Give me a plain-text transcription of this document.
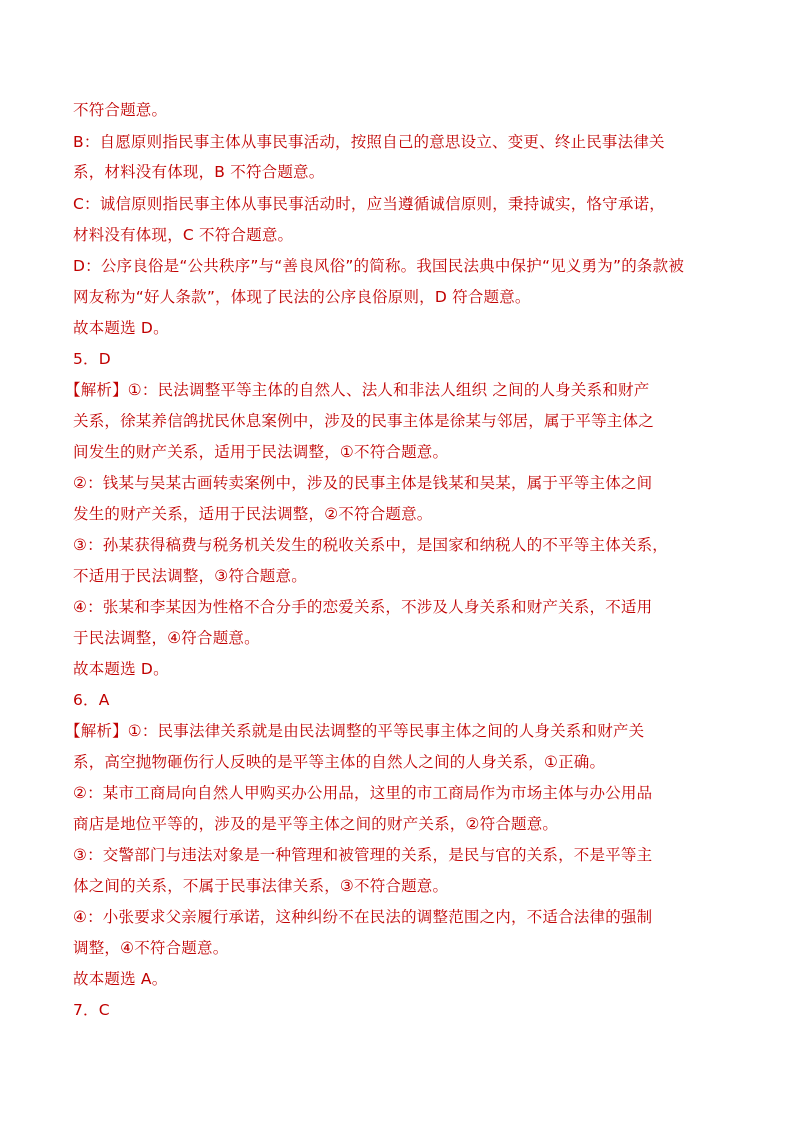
不符合题意。
B：自愿原则指民事主体从事民事活动，按照自己的意思设立、变更、终止民事法律关
系，材料没有体现，B 不符合题意。
C：诚信原则指民事主体从事民事活动时，应当遵循诚信原则，秉持诚实，恪守承诺，
材料没有体现，C 不符合题意。
D：公序良俗是“公共秩序”与“善良风俗”的简称。我国民法典中保护“见义勇为”的条款被
网友称为“好人条款”，体现了民法的公序良俗原则，D 符合题意。
故本题选 D。
5．D
【解析】①：民法调整平等主体的自然人、法人和非法人组织 之间的人身关系和财产
关系，徐某养信鸽扰民休息案例中，涉及的民事主体是徐某与邻居，属于平等主体之
间发生的财产关系，适用于民法调整，①不符合题意。
②：钱某与吴某古画转卖案例中，涉及的民事主体是钱某和吴某，属于平等主体之间
发生的财产关系，适用于民法调整，②不符合题意。
③：孙某获得稿费与税务机关发生的税收关系中，是国家和纳税人的不平等主体关系，
不适用于民法调整，③符合题意。
④：张某和李某因为性格不合分手的恋爱关系，不涉及人身关系和财产关系，不适用
于民法调整，④符合题意。
故本题选 D。
6．A
【解析】①：民事法律关系就是由民法调整的平等民事主体之间的人身关系和财产关
系，高空抛物砸伤行人反映的是平等主体的自然人之间的人身关系，①正确。
②：某市工商局向自然人甲购买办公用品，这里的市工商局作为市场主体与办公用品
商店是地位平等的，涉及的是平等主体之间的财产关系，②符合题意。
③：交警部门与违法对象是一种管理和被管理的关系，是民与官的关系，不是平等主
体之间的关系，不属于民事法律关系，③不符合题意。
④：小张要求父亲履行承诺，这种纠纷不在民法的调整范围之内，不适合法律的强制
调整，④不符合题意。
故本题选 A。
7．C
